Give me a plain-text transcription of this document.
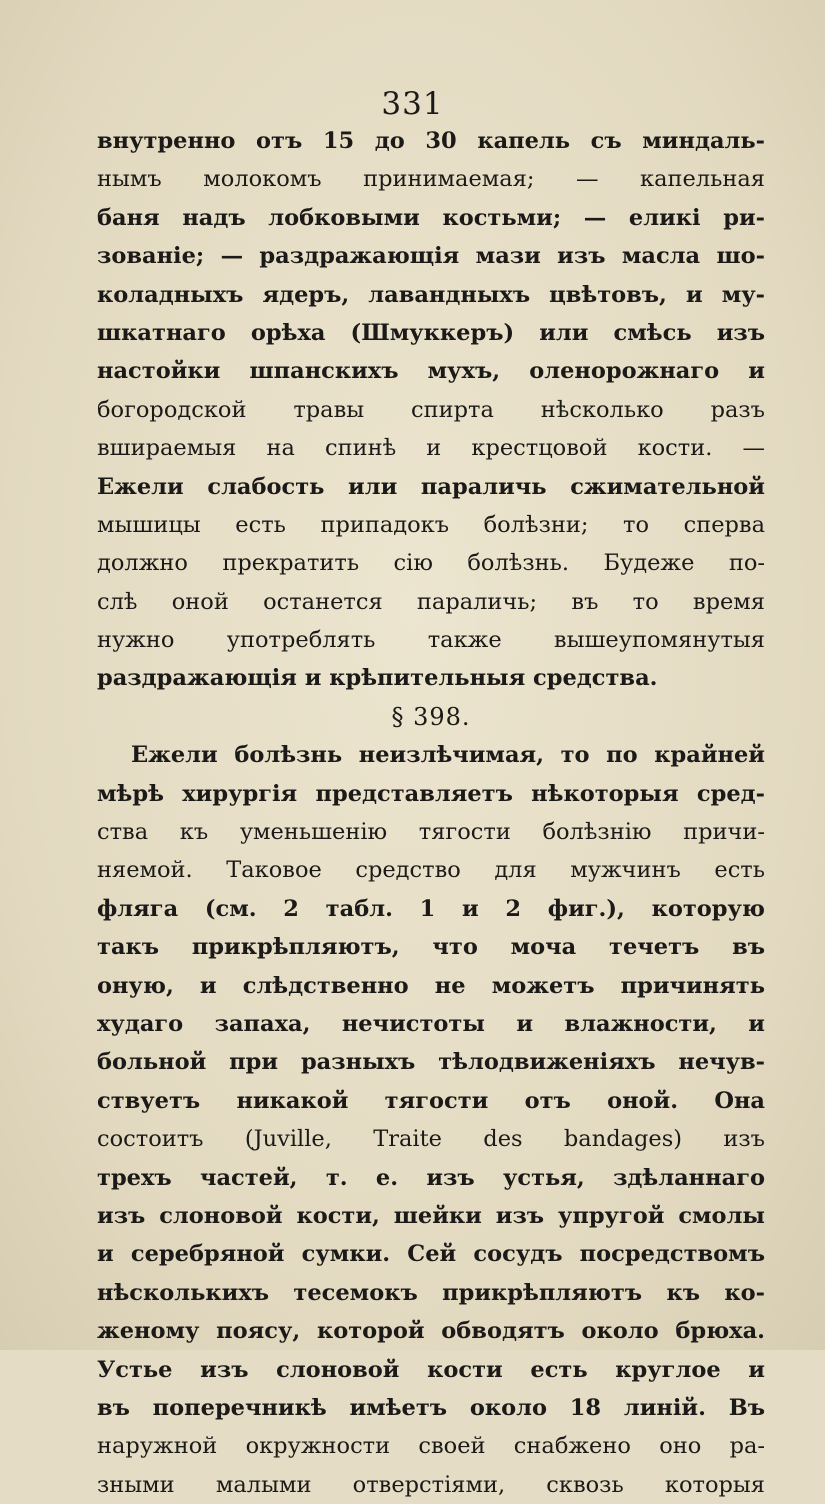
331
внутренно отъ 15 до 30 капель съ миндаль-
нымъ молокомъ принимаемая; — капельная
баня надъ лобковыми костьми; — еликі ри-
зованіе; — раздражающія мази изъ масла шо-
коладныхъ ядеръ, лавандныхъ цвѣтовъ, и му-
шкатнаго орѣха (Шмуккеръ) или смѣсь изъ
настойки шпанскихъ мухъ, оленорожнаго и
богородской травы спирта нѣсколько разъ
вшираемыя на спинѣ и крестцовой кости. —
Ежели слабость или параличь сжимательной
мышицы есть припадокъ болѣзни; то сперва
должно прекратить сію болѣзнь. Будеже по-
слѣ оной останется параличь; въ то время
нужно употреблять также вышеупомянутыя
раздражающія и крѣпительныя средства.
§ 398.
Ежели болѣзнь неизлѣчимая, то по крайней
мѣрѣ хирургія представляетъ нѣкоторыя сред-
ства къ уменьшенію тягости болѣзнію причи-
няемой. Таковое средство для мужчинъ есть
фляга (см. 2 табл. 1 и 2 фиг.), которую
такъ прикрѣпляютъ, что моча течетъ въ
оную, и слѣдственно не можетъ причинять
худаго запаха, нечистоты и влажности, и
больной при разныхъ тѣлодвиженіяхъ нечув-
ствуетъ никакой тягости отъ оной. Она
состоитъ (Juville, Traite des bandages) изъ
трехъ частей, т. е. изъ устья, здѣланнаго
изъ слоновой кости, шейки изъ упругой смолы
и серебряной сумки. Сей сосудъ посредствомъ
нѣсколькихъ тесемокъ прикрѣпляютъ къ ко-
женому поясу, которой обводятъ около брюха.
Устье изъ слоновой кости есть круглое и
въ поперечникѣ имѣетъ около 18 линій. Въ
наружной окружности своей снабжено оно ра-
зными малыми отверстіями, сквозь которыя
